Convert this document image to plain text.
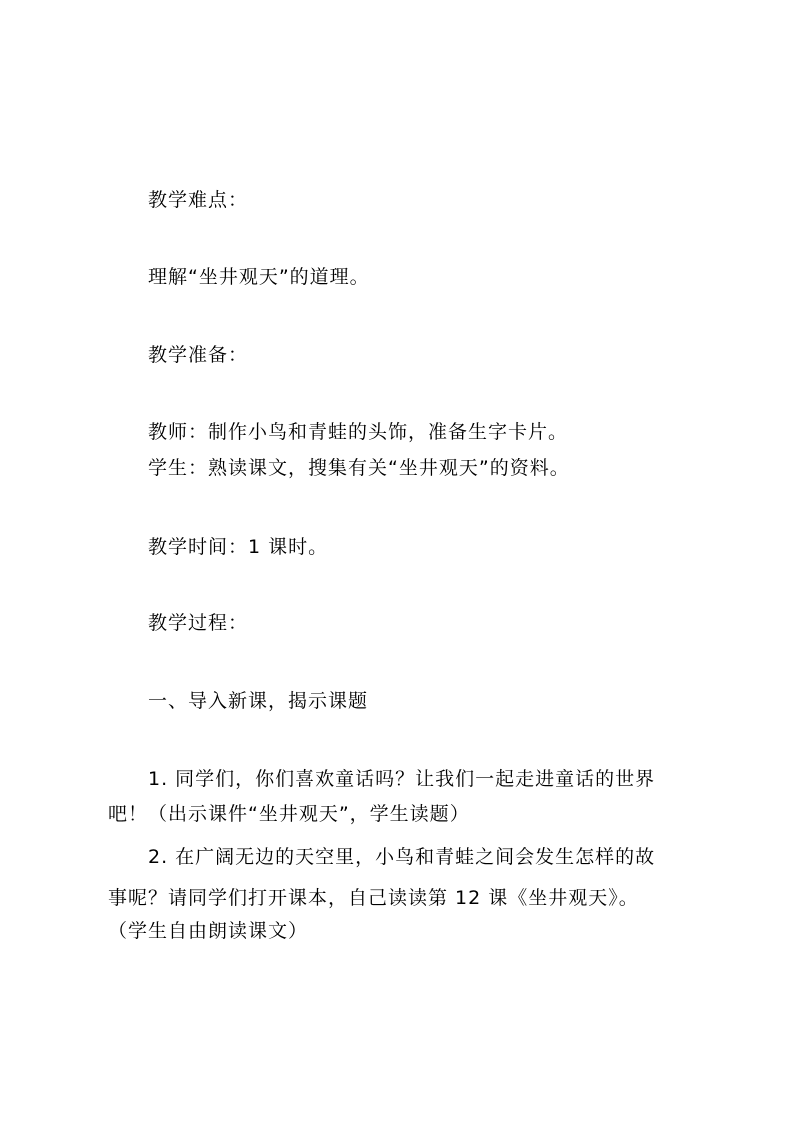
教学难点：
理解“坐井观天”的道理。
教学准备：
教师：制作小鸟和青蛙的头饰，准备生字卡片。
学生：熟读课文，搜集有关“坐井观天”的资料。
教学时间：1 课时。
教学过程：
一、导入新课，揭示课题
1. 同学们，你们喜欢童话吗？让我们一起走进童话的世界
吧！（出示课件“坐井观天”，学生读题）
2. 在广阔无边的天空里，小鸟和青蛙之间会发生怎样的故
事呢？请同学们打开课本，自己读读第 12 课《坐井观天》。
（学生自由朗读课文）
